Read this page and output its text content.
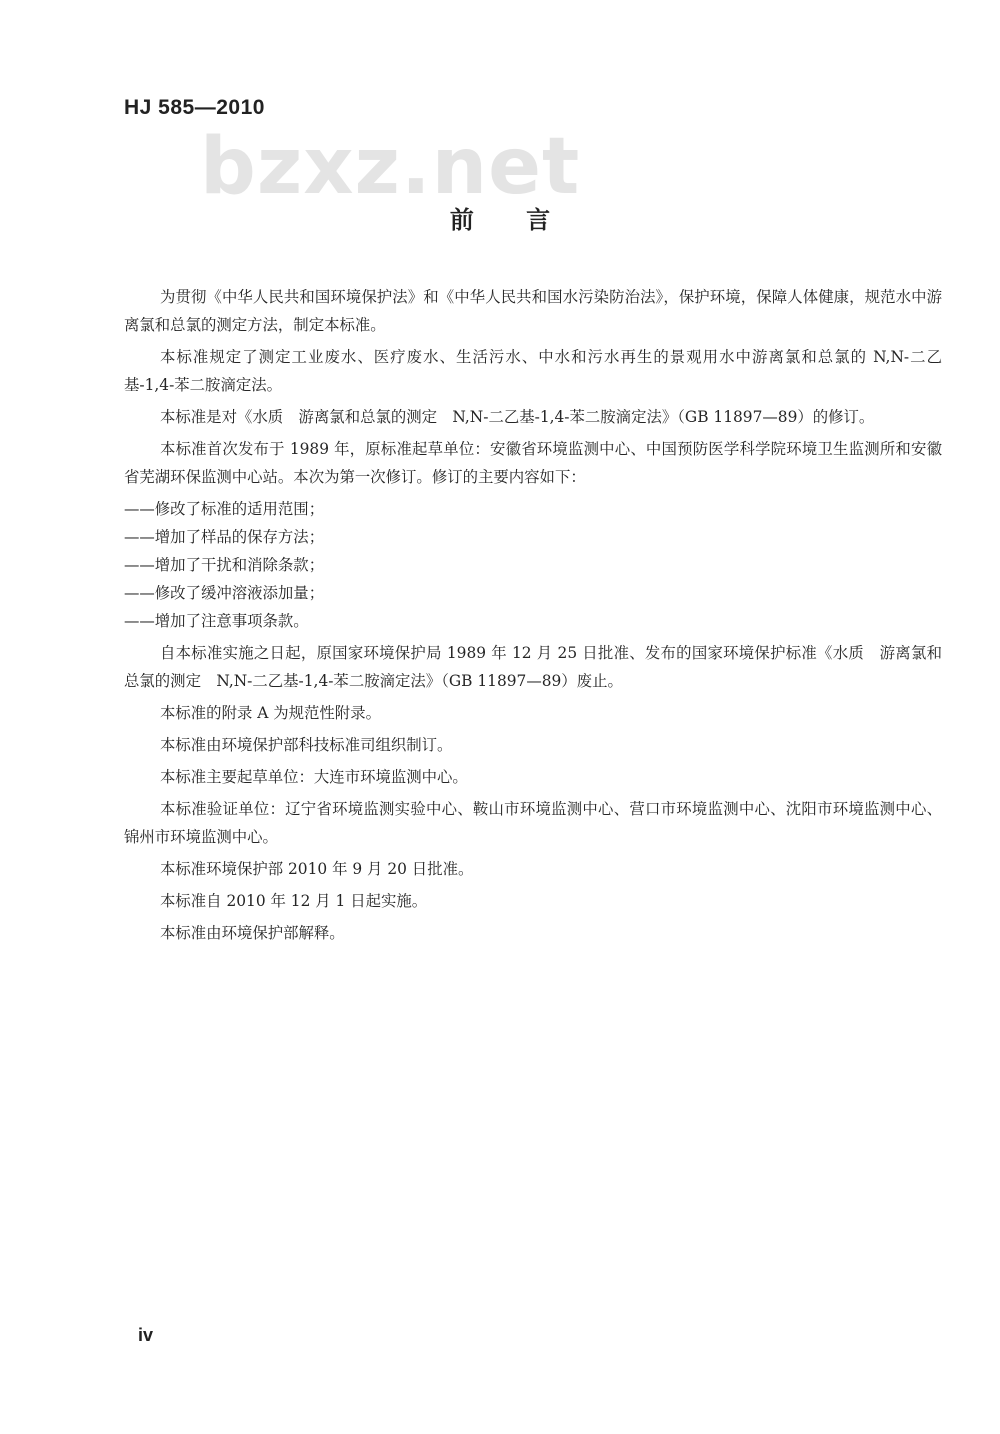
HJ 585—2010
bzxz.net
前 言

为贯彻《中华人民共和国环境保护法》和《中华人民共和国水污染防治法》，保护环境，保障人体健康，规范水中游离氯和总氯的测定方法，制定本标准。

本标准规定了测定工业废水、医疗废水、生活污水、中水和污水再生的景观用水中游离氯和总氯的 N,N-二乙基-1,4-苯二胺滴定法。

本标准是对《水质　游离氯和总氯的测定　N,N-二乙基-1,4-苯二胺滴定法》（GB 11897—89）的修订。

本标准首次发布于 1989 年，原标准起草单位：安徽省环境监测中心、中国预防医学科学院环境卫生监测所和安徽省芜湖环保监测中心站。本次为第一次修订。修订的主要内容如下：

——修改了标准的适用范围；

——增加了样品的保存方法；

——增加了干扰和消除条款；

——修改了缓冲溶液添加量；

——增加了注意事项条款。

自本标准实施之日起，原国家环境保护局 1989 年 12 月 25 日批准、发布的国家环境保护标准《水质　游离氯和总氯的测定　N,N-二乙基-1,4-苯二胺滴定法》（GB 11897—89）废止。

本标准的附录 A 为规范性附录。

本标准由环境保护部科技标准司组织制订。

本标准主要起草单位：大连市环境监测中心。

本标准验证单位：辽宁省环境监测实验中心、鞍山市环境监测中心、营口市环境监测中心、沈阳市环境监测中心、锦州市环境监测中心。

本标准环境保护部 2010 年 9 月 20 日批准。

本标准自 2010 年 12 月 1 日起实施。

本标准由环境保护部解释。

iv
